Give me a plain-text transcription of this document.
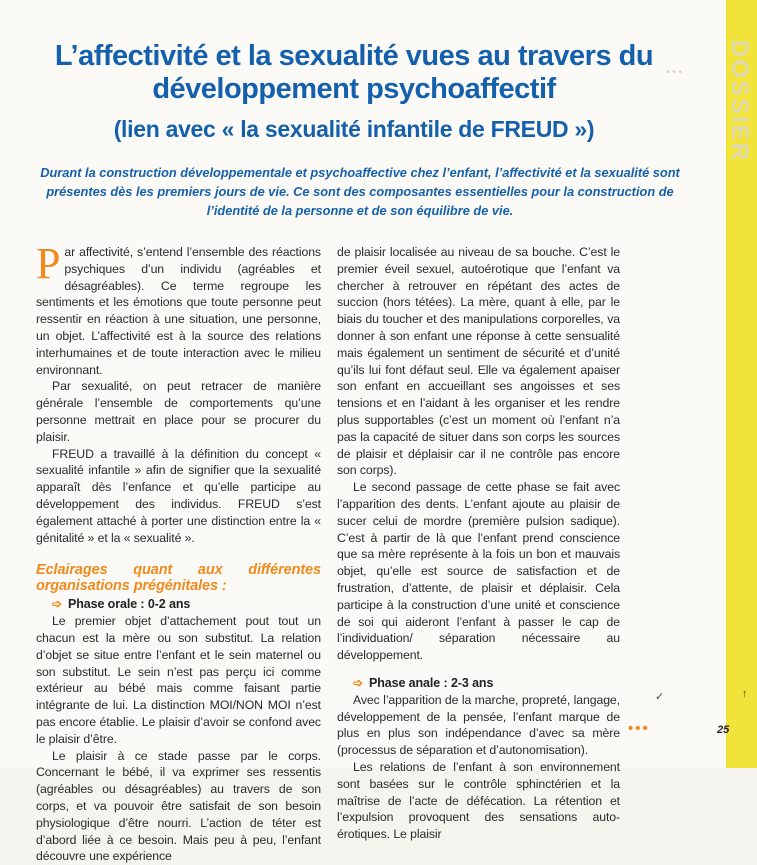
DOSSIER
• • •
L’affectivité et la sexualité vues au travers du développement psychoaffectif
(lien avec « la sexualité infantile de FREUD »)

Durant la construction développementale et psychoaffective chez l’enfant, l’affectivité et la sexualité sont présentes dès les premiers jours de vie. Ce sont des composantes essentielles pour la construction de l’identité de la personne et de son équilibre de vie.

Par affectivité, s’entend l’ensemble des réactions psychiques d’un individu (agréables et désagréables). Ce terme regroupe les sentiments et les émotions que toute personne peut ressentir en réaction à une situation, une personne, un objet. L’affectivité est à la source des relations interhumaines et de toute interaction avec le milieu environnant.

Par sexualité, on peut retracer de manière générale l’ensemble de comportements qu’une personne mettrait en place pour se procurer du plaisir.

FREUD a travaillé à la définition du concept « sexualité infantile » afin de signifier que la sexualité apparaît dès l’enfance et qu’elle participe au développement des individus. FREUD s’est également attaché à porter une distinction entre la « génitalité » et la « sexualité ».

Eclairages quant aux différentes organisations prégénitales :

➩ Phase orale : 0-2 ans

Le premier objet d’attachement pout tout un chacun est la mère ou son substitut. La relation d’objet se situe entre l’enfant et le sein maternel ou son substitut. Le sein n’est pas perçu ici comme extérieur au bébé mais comme faisant partie intégrante de lui. La distinction MOI/NON MOI n’est pas encore établie. Le plaisir d’avoir se confond avec le plaisir d’être.

Le plaisir à ce stade passe par le corps. Concernant le bébé, il va exprimer ses ressentis (agréables ou désagréables) au travers de son corps, et va pouvoir être satisfait de son besoin physiologique d’être nourri. L’action de téter est d’abord liée à ce besoin. Mais peu à peu, l’enfant découvre une expérience

de plaisir localisée au niveau de sa bouche. C’est le premier éveil sexuel, autoérotique que l’enfant va chercher à retrouver en répétant des actes de succion (hors tétées). La mère, quant à elle, par le biais du toucher et des manipulations corporelles, va donner à son enfant une réponse à cette sensualité mais également un sentiment de sécurité et d’unité qu’ils lui font défaut seul. Elle va également apaiser son enfant en accueillant ses angoisses et ses tensions et en l’aidant à les organiser et les rendre plus supportables (c’est un moment où l’enfant n’a pas la capacité de situer dans son corps les sources de plaisir et déplaisir car il ne contrôle pas encore son corps).

Le second passage de cette phase se fait avec l’apparition des dents. L’enfant ajoute au plaisir de sucer celui de mordre (première pulsion sadique). C’est à partir de là que l’enfant prend conscience que sa mère représente à la fois un bon et mauvais objet, qu’elle est source de satisfaction et de frustration, d’attente, de plaisir et déplaisir. Cela participe à la construction d’une unité et conscience de soi qui aideront l’enfant à passer le cap de l’individuation/ séparation nécessaire au développement.

➩ Phase anale : 2-3 ans

Avec l’apparition de la marche, propreté, langage, développement de la pensée, l’enfant marque de plus en plus son indépendance d’avec sa mère (processus de séparation et d’autonomisation).

Les relations de l’enfant à son environnement sont basées sur le contrôle sphinctérien et la maîtrise de l’acte de défécation. La rétention et l’expulsion provoquent des sensations auto-érotiques. Le plaisir

✓	↑
•••	25
